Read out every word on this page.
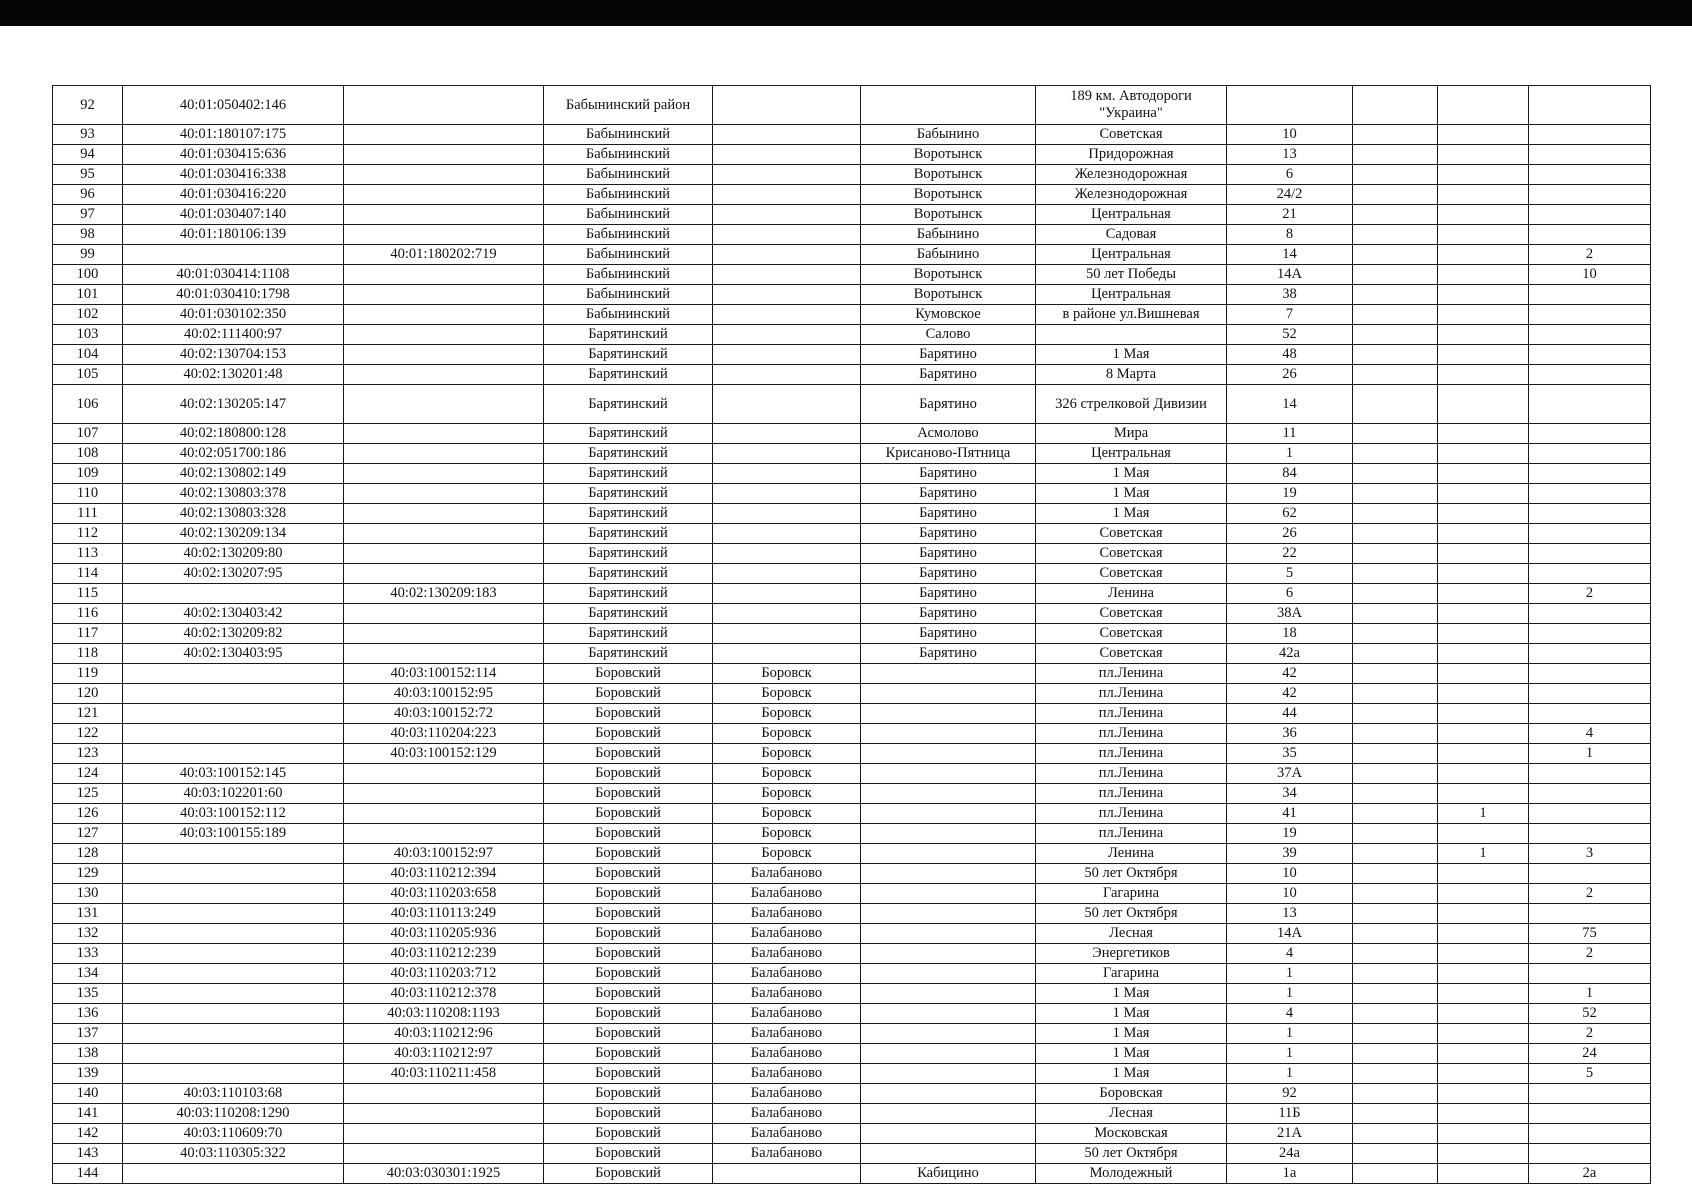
92	40:01:050402:146		Бабынинский район			189 км. Автодороги "Украина"				
93	40:01:180107:175		Бабынинский		Бабынино	Советская	10			
94	40:01:030415:636		Бабынинский		Воротынск	Придорожная	13			
95	40:01:030416:338		Бабынинский		Воротынск	Железнодорожная	6			
96	40:01:030416:220		Бабынинский		Воротынск	Железнодорожная	24/2			
97	40:01:030407:140		Бабынинский		Воротынск	Центральная	21			
98	40:01:180106:139		Бабынинский		Бабынино	Садовая	8			
99		40:01:180202:719	Бабынинский		Бабынино	Центральная	14			2
100	40:01:030414:1108		Бабынинский		Воротынск	50 лет Победы	14А			10
101	40:01:030410:1798		Бабынинский		Воротынск	Центральная	38			
102	40:01:030102:350		Бабынинский		Кумовское	в районе ул.Вишневая	7			
103	40:02:111400:97		Барятинский		Салово		52			
104	40:02:130704:153		Барятинский		Барятино	1 Мая	48			
105	40:02:130201:48		Барятинский		Барятино	8 Марта	26			
106	40:02:130205:147		Барятинский		Барятино	326 стрелковой Дивизии	14			
107	40:02:180800:128		Барятинский		Асмолово	Мира	11			
108	40:02:051700:186		Барятинский		Крисаново-Пятница	Центральная	1			
109	40:02:130802:149		Барятинский		Барятино	1 Мая	84			
110	40:02:130803:378		Барятинский		Барятино	1 Мая	19			
111	40:02:130803:328		Барятинский		Барятино	1 Мая	62			
112	40:02:130209:134		Барятинский		Барятино	Советская	26			
113	40:02:130209:80		Барятинский		Барятино	Советская	22			
114	40:02:130207:95		Барятинский		Барятино	Советская	5			
115		40:02:130209:183	Барятинский		Барятино	Ленина	6			2
116	40:02:130403:42		Барятинский		Барятино	Советская	38А			
117	40:02:130209:82		Барятинский		Барятино	Советская	18			
118	40:02:130403:95		Барятинский		Барятино	Советская	42а			
119		40:03:100152:114	Боровский	Боровск		пл.Ленина	42			
120		40:03:100152:95	Боровский	Боровск		пл.Ленина	42			
121		40:03:100152:72	Боровский	Боровск		пл.Ленина	44			
122		40:03:110204:223	Боровский	Боровск		пл.Ленина	36			4
123		40:03:100152:129	Боровский	Боровск		пл.Ленина	35			1
124	40:03:100152:145		Боровский	Боровск		пл.Ленина	37А			
125	40:03:102201:60		Боровский	Боровск		пл.Ленина	34			
126	40:03:100152:112		Боровский	Боровск		пл.Ленина	41		1	
127	40:03:100155:189		Боровский	Боровск		пл.Ленина	19			
128		40:03:100152:97	Боровский	Боровск		Ленина	39		1	3
129		40:03:110212:394	Боровский	Балабаново		50 лет Октября	10			
130		40:03:110203:658	Боровский	Балабаново		Гагарина	10			2
131		40:03:110113:249	Боровский	Балабаново		50 лет Октября	13			
132		40:03:110205:936	Боровский	Балабаново		Лесная	14А			75
133		40:03:110212:239	Боровский	Балабаново		Энергетиков	4			2
134		40:03:110203:712	Боровский	Балабаново		Гагарина	1			
135		40:03:110212:378	Боровский	Балабаново		1 Мая	1			1
136		40:03:110208:1193	Боровский	Балабаново		1 Мая	4			52
137		40:03:110212:96	Боровский	Балабаново		1 Мая	1			2
138		40:03:110212:97	Боровский	Балабаново		1 Мая	1			24
139		40:03:110211:458	Боровский	Балабаново		1 Мая	1			5
140	40:03:110103:68		Боровский	Балабаново		Боровская	92			
141	40:03:110208:1290		Боровский	Балабаново		Лесная	11Б			
142	40:03:110609:70		Боровский	Балабаново		Московская	21А			
143	40:03:110305:322		Боровский	Балабаново		50 лет Октября	24а			
144		40:03:030301:1925	Боровский		Кабицино	Молодежный	1а			2а
